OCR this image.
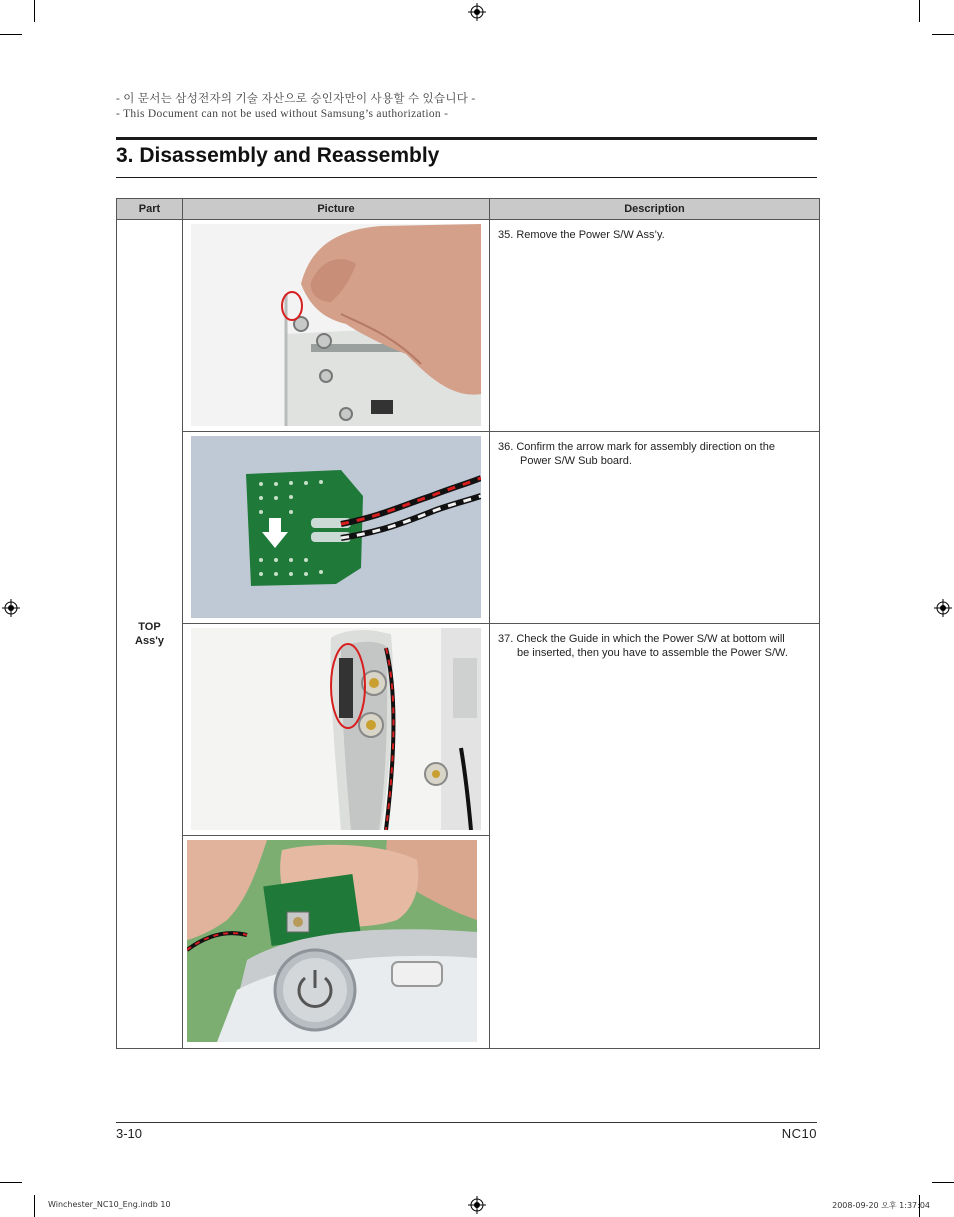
- 이 문서는 삼성전자의 기술 자산으로 승인자만이 사용할 수 있습니다 -
- This Document can not be used without Samsung’s authorization -
3. Disassembly and Reassembly
Part	Picture	Description

TOP
Ass'y		35. Remove the Power S/W Ass’y.

36. Confirm the arrow mark for assembly direction on the
Power S/W Sub board.

37. Check the Guide in which the Power S/W at bottom will
be inserted, then you have to assemble the Power S/W.

3-10	NC10
Winchester_NC10_Eng.indb 10	2008-09-20 오후 1:37:04
